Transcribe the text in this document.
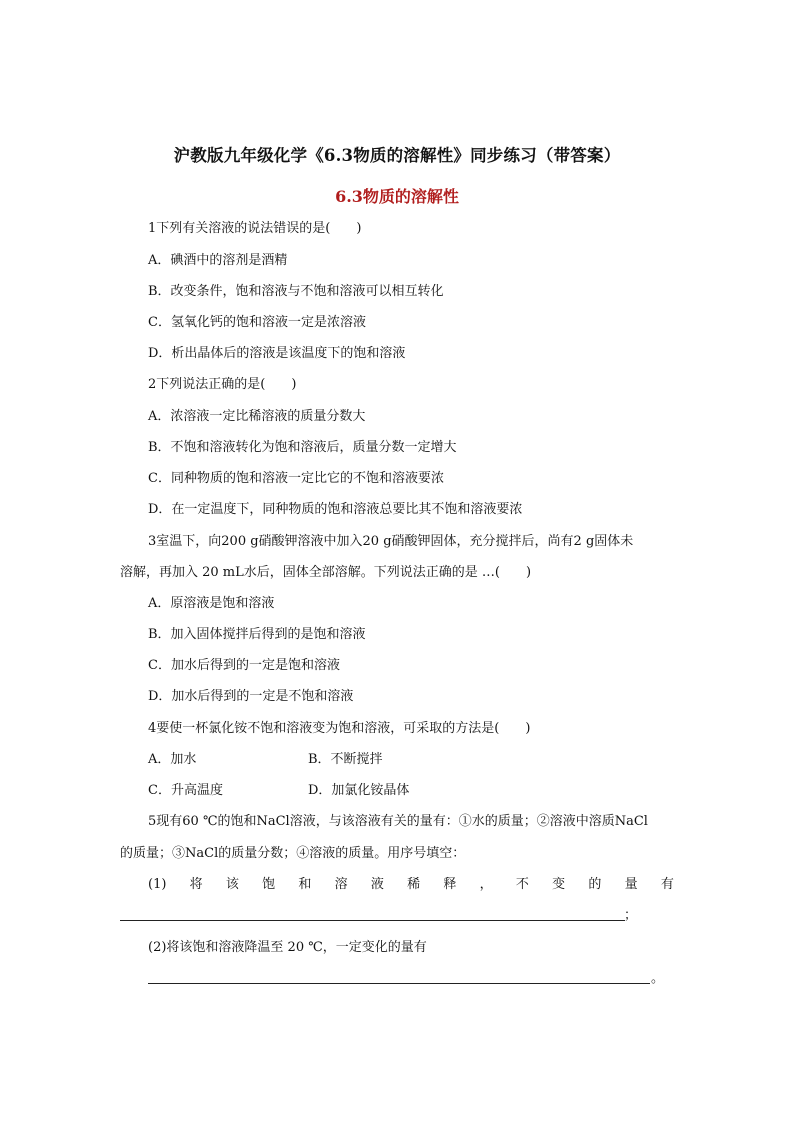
沪教版九年级化学《6.3物质的溶解性》同步练习（带答案）
6.3物质的溶解性
1下列有关溶液的说法错误的是(　　)
A．碘酒中的溶剂是酒精
B．改变条件，饱和溶液与不饱和溶液可以相互转化
C．氢氧化钙的饱和溶液一定是浓溶液
D．析出晶体后的溶液是该温度下的饱和溶液
2下列说法正确的是(　　)
A．浓溶液一定比稀溶液的质量分数大
B．不饱和溶液转化为饱和溶液后，质量分数一定增大
C．同种物质的饱和溶液一定比它的不饱和溶液要浓
D．在一定温度下，同种物质的饱和溶液总要比其不饱和溶液要浓
3室温下，向200 g硝酸钾溶液中加入20 g硝酸钾固体，充分搅拌后，尚有2 g固体未
溶解，再加入 20 mL水后，固体全部溶解。下列说法正确的是 …(　　)
A．原溶液是饱和溶液
B．加入固体搅拌后得到的是饱和溶液
C．加水后得到的一定是饱和溶液
D．加水后得到的一定是不饱和溶液
4要使一杯氯化铵不饱和溶液变为饱和溶液，可采取的方法是(　　)
A．加水	B．不断搅拌
C．升高温度	D．加氯化铵晶体
5现有60 ℃的饱和NaCl溶液，与该溶液有关的量有：①水的质量；②溶液中溶质NaCl
的质量；③NaCl的质量分数；④溶液的质量。用序号填空：
(1) 将 该 饱 和 溶 液 稀 释 ， 不 变 的 量 有
；
(2)将该饱和溶液降温至 20 ℃，一定变化的量有
。
